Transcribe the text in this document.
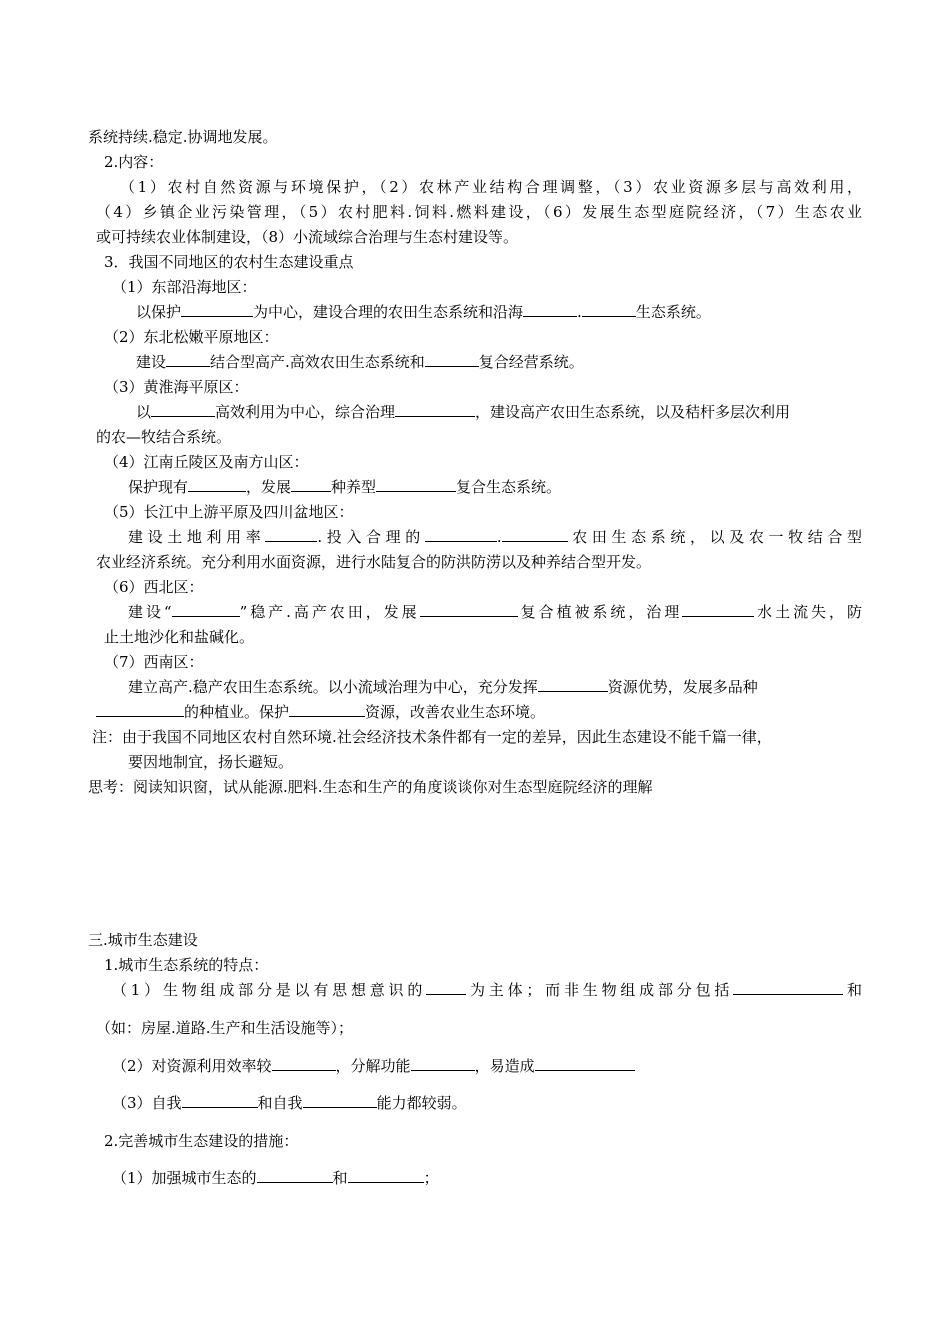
系统持续.稳定.协调地发展。
2.内容：
（1）农村自然资源与环境保护，（2）农林产业结构合理调整，（3）农业资源多层与高效利用，
（4）乡镇企业污染管理，（5）农村肥料.饲料.燃料建设，（6）发展生态型庭院经济，（7）生态农业
或可持续农业体制建设，（8）小流域综合治理与生态村建设等。
3．我国不同地区的农村生态建设重点
（1）东部沿海地区：
以保护	为中心，建设合理的农田生态系统和沿海	.	生态系统。
（2）东北松嫩平原地区：
建设	结合型高产.高效农田生态系统和	复合经营系统。
（3）黄淮海平原区：
以	高效利用为中心，综合治理	，建设高产农田生态系统，以及秸杆多层次利用
的农—牧结合系统。
（4）江南丘陵区及南方山区：
保护现有	，发展	种养型	复合生态系统。
（5）长江中上游平原及四川盆地区：
建设土地利用率	.投入合理的	.	农田生态系统，以及农一牧结合型
农业经济系统。充分利用水面资源，进行水陆复合的防洪防涝以及种养结合型开发。
（6）西北区：
建设“	”稳产.高产农田，发展	复合植被系统，治理	水土流失，防
止土地沙化和盐碱化。
（7）西南区：
建立高产.稳产农田生态系统。以小流域治理为中心，充分发挥	资源优势，发展多品种
的种植业。保护	资源，改善农业生态环境。
注：由于我国不同地区农村自然环境.社会经济技术条件都有一定的差异，因此生态建设不能千篇一律，
要因地制宜，扬长避短。
思考：阅读知识窗，试从能源.肥料.生态和生产的角度谈谈你对生态型庭院经济的理解
三.城市生态建设
1.城市生态系统的特点：
（1）生物组成部分是以有思想意识的	为主体；而非生物组成部分包括	和
（如：房屋.道路.生产和生活设施等）；
（2）对资源利用效率较	，分解功能	，易造成
（3）自我	和自我	能力都较弱。
2.完善城市生态建设的措施：
（1）加强城市生态的	和	；
